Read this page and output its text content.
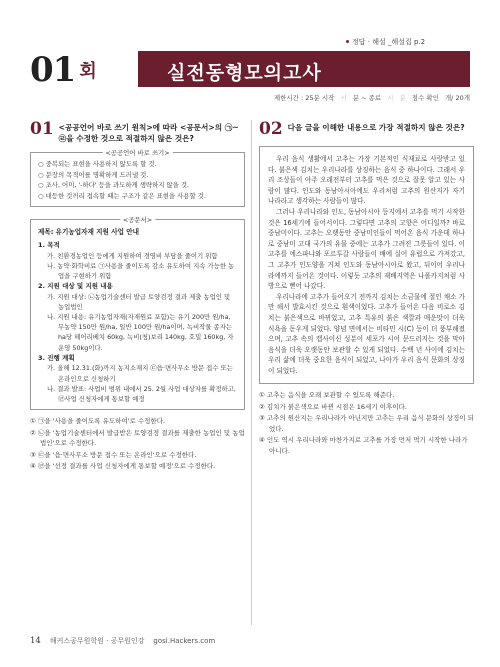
정답 · 해설 _해설집 p.2
01 회	실전동형모의고사
제한시간 : 25분 시작 시 분 ~ 종료 시 분 점수 확인 개/ 20개
01 <공공언어 바로 쓰기 원칙>에 따라 <공문서>의 ㉠~㉣을 수정한 것으로 적절하지 않은 것은?
<공공언어 바로 쓰기>
○ 중복되는 표현을 사용하지 않도록 할 것.
○ 문장의 목적어를 명확하게 드러낼 것.
○ 조사, 어미, '-하다' 등을 과도하게 생략하지 않을 것.
○ 대등한 것끼리 접속할 때는 구조가 같은 표현을 사용할 것.
<공문서>
제목: 유기농업자재 지원 사업 안내
1. 목적
가. 친환경농업인 등에게 지원하여 경영비 부담을 줄이기 위함
나. 농약·화학비료 ㉠사용을 줄이도록 감소 유도하여 지속 가능한 농업을 구현하기 위함
2. 지원 대상 및 지원 내용
가. 지원 대상: ㉡농업기술센터 발급 토양검정 결과 제출 농업인 및 농업법인
나. 지원 내용: 유기농업자재(자재원료 포함)는 유기 200만 원/ha, 무농약 150만 원/ha, 일반 100만 원/ha이며, 녹비작물 종자는 ha당 헤어리베치 60kg, 녹비(청)보리 140kg, 호밀 160kg, 자운영 50kg이다.
3. 진행 계획
가. 올해 12.31.(화)까지 농지소재지 ㉢읍·면사무소 방문 접수 또는 온라인으로 신청하기
나. 결과 발표: 사업비 범위 내에서 25. 2월 사업 대상자를 확정하고, ㉣사업 신청자에게 통보할 예정
① ㉠을 '사용을 줄이도록 유도하여'로 수정한다.
② ㉡을 '농업기술센터에서 발급받은 토양검정 결과를 제출한 농업인 및 농업법인'으로 수정한다.
③ ㉢을 '읍·면사무소 방문 접수 또는 온라인'으로 수정한다.
④ ㉣을 '선정 결과를 사업 신청자에게 통보할 예정'으로 수정한다.
02 다음 글을 이해한 내용으로 가장 적절하지 않은 것은?

우리 음식 생활에서 고추는 가장 기본적인 식재료로 사랑받고 있다. 붉은색 김치는 우리나라를 상징하는 음식 중 하나이다. 그래서 우리 조상들이 아주 오래전부터 고추를 먹은 것으로 잘못 알고 있는 사람이 많다. 인도와 동남아시아에도 우리처럼 고추의 원산지가 자기 나라라고 생각하는 사람들이 많다.

그러나 우리나라와 인도, 동남아시아 등지에서 고추를 먹기 시작한 것은 16세기에 들어서이다. 그렇다면 고추의 고향은 어디일까? 바로 중남미이다. 고추는 오랫동안 중남미인들이 먹어온 음식 가운데 하나로 중남미 고대 국가의 유물 중에는 고추가 그려진 그릇들이 있다. 이 고추를 에스파냐와 포르투갈 사람들이 배에 실어 유럽으로 가져갔고, 그 고추가 인도양을 거쳐 인도와 동남아시아로 왔고, 뒤이어 우리나라에까지 들어온 것이다. 이렇듯 고추의 재배지역은 나폴카지처럼 사방으로 뻗어 나갔다.

우리나라에 고추가 들어오기 전까지 김치는 소금물에 절인 채소 가만 해서 발효시킨 것으로 흰색이었다. 고추가 들어온 다음 비로소 김치는 붉은색으로 바뀌었고, 고추 특유의 붉은 색깔과 매운맛이 더욱 식욕을 돋우게 되었다. 양념 면에서는 비타민 시(C) 등이 더 풍부해졌으며, 고추 속의 캡사이신 성분이 세포가 시어 문드러지는 것을 막아 음식을 더욱 오랫동안 보관할 수 있게 되었다. 수백 년 사이에 김치는 우리 삶에 더욱 중요한 음식이 되었고, 나아가 우리 음식 문화의 상징이 되었다.

① 고추는 음식을 오래 보관할 수 있도록 해준다.
② 김치가 붉은색으로 바뀐 시점은 16세기 이후이다.
③ 고추의 원산지는 우리나라가 아닌지만 고추는 우리 음식 문화의 상징이 되었다.
④ 인도 역시 우리나라와 마찬가지로 고추를 가장 먼저 먹기 시작한 나라가 아니다.
14 해커스공무원학원 · 공무원인강 gosi.Hackers.com
